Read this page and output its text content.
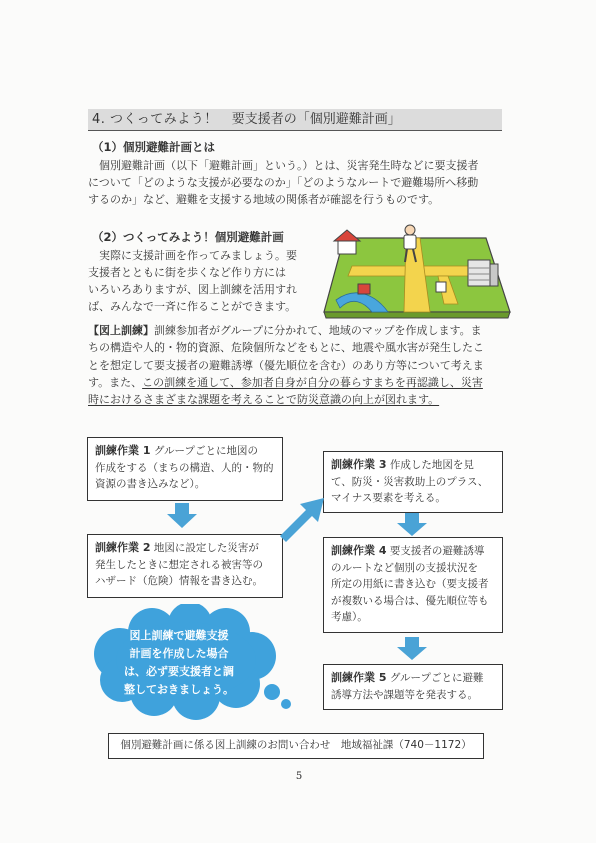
4. つくってみよう！ 要支援者の「個別避難計画」
（1）個別避難計画とは
個別避難計画（以下「避難計画」という。）とは、災害発生時などに要支援者
について「どのような支援が必要なのか」「どのようなルートで避難場所へ移動
するのか」など、避難を支援する地域の関係者が確認を行うものです。
（2）つくってみよう！個別避難計画
実際に支援計画を作ってみましょう。要
支援者とともに街を歩くなど作り方には
いろいろありますが、図上訓練を活用すれ
ば、みんなで一斉に作ることができます。
【図上訓練】訓練参加者がグループに分かれて、地域のマップを作成します。ま
ちの構造や人的・物的資源、危険個所などをもとに、地震や風水害が発生したこ
とを想定して要支援者の避難誘導（優先順位を含む）のあり方等について考えま
す。また、この訓練を通して、参加者自身が自分の暮らすまちを再認識し、災害
時におけるさまざまな課題を考えることで防災意識の向上が図れます。
訓練作業 1 グループごとに地図の
作成をする（まちの構造、人的・物的
資源の書き込みなど）。
訓練作業 2 地図に設定した災害が
発生したときに想定される被害等の
ハザード（危険）情報を書き込む。
訓練作業 3 作成した地図を見
て、防災・災害救助上のプラス、
マイナス要素を考える。
訓練作業 4 要支援者の避難誘導
のルートなど個別の支援状況を
所定の用紙に書き込む（要支援者
が複数いる場合は、優先順位等も
考慮）。
訓練作業 5 グループごとに避難
誘導方法や課題等を発表する。
図上訓練で避難支援
計画を作成した場合
は、必ず要支援者と調
整しておきましょう。
個別避難計画に係る図上訓練のお問い合わせ　地域福祉課（740－1172）
5
